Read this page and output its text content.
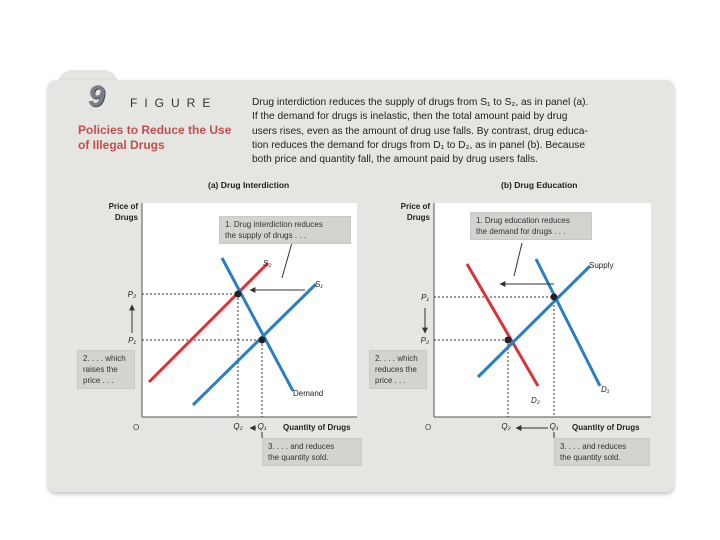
9 FIGURE
Policies to Reduce the Use of Illegal Drugs

Drug interdiction reduces the supply of drugs from S₁ to S₂, as in panel (a).

If the demand for drugs is inelastic, then the total amount paid by drug

users rises, even as the amount of drug use falls. By contrast, drug educa-

tion reduces the demand for drugs from D₁ to D₂, as in panel (b). Because

both price and quantity fall, the amount paid by drug users falls.

(a) Drug Interdiction	(b) Drug Education
Price of
Drugs
Quantity of Drugs
O
S₂
S₁
Demand
P₂
P₁
Q₂ Q₁
Price of
Drugs
Quantity of Drugs
O
Supply
D₁
D₂
P₁
P₂
Q₂	Q₁
1. Drug interdiction reduces
the supply of drugs . . .
2. . . . which
raises the
price . . .
3. . . . and reduces
the quantity sold.
1. Drug education reduces
the demand for drugs . . .
2. . . . which
reduces the
price . . .
3. . . . and reduces
the quantity sold.
